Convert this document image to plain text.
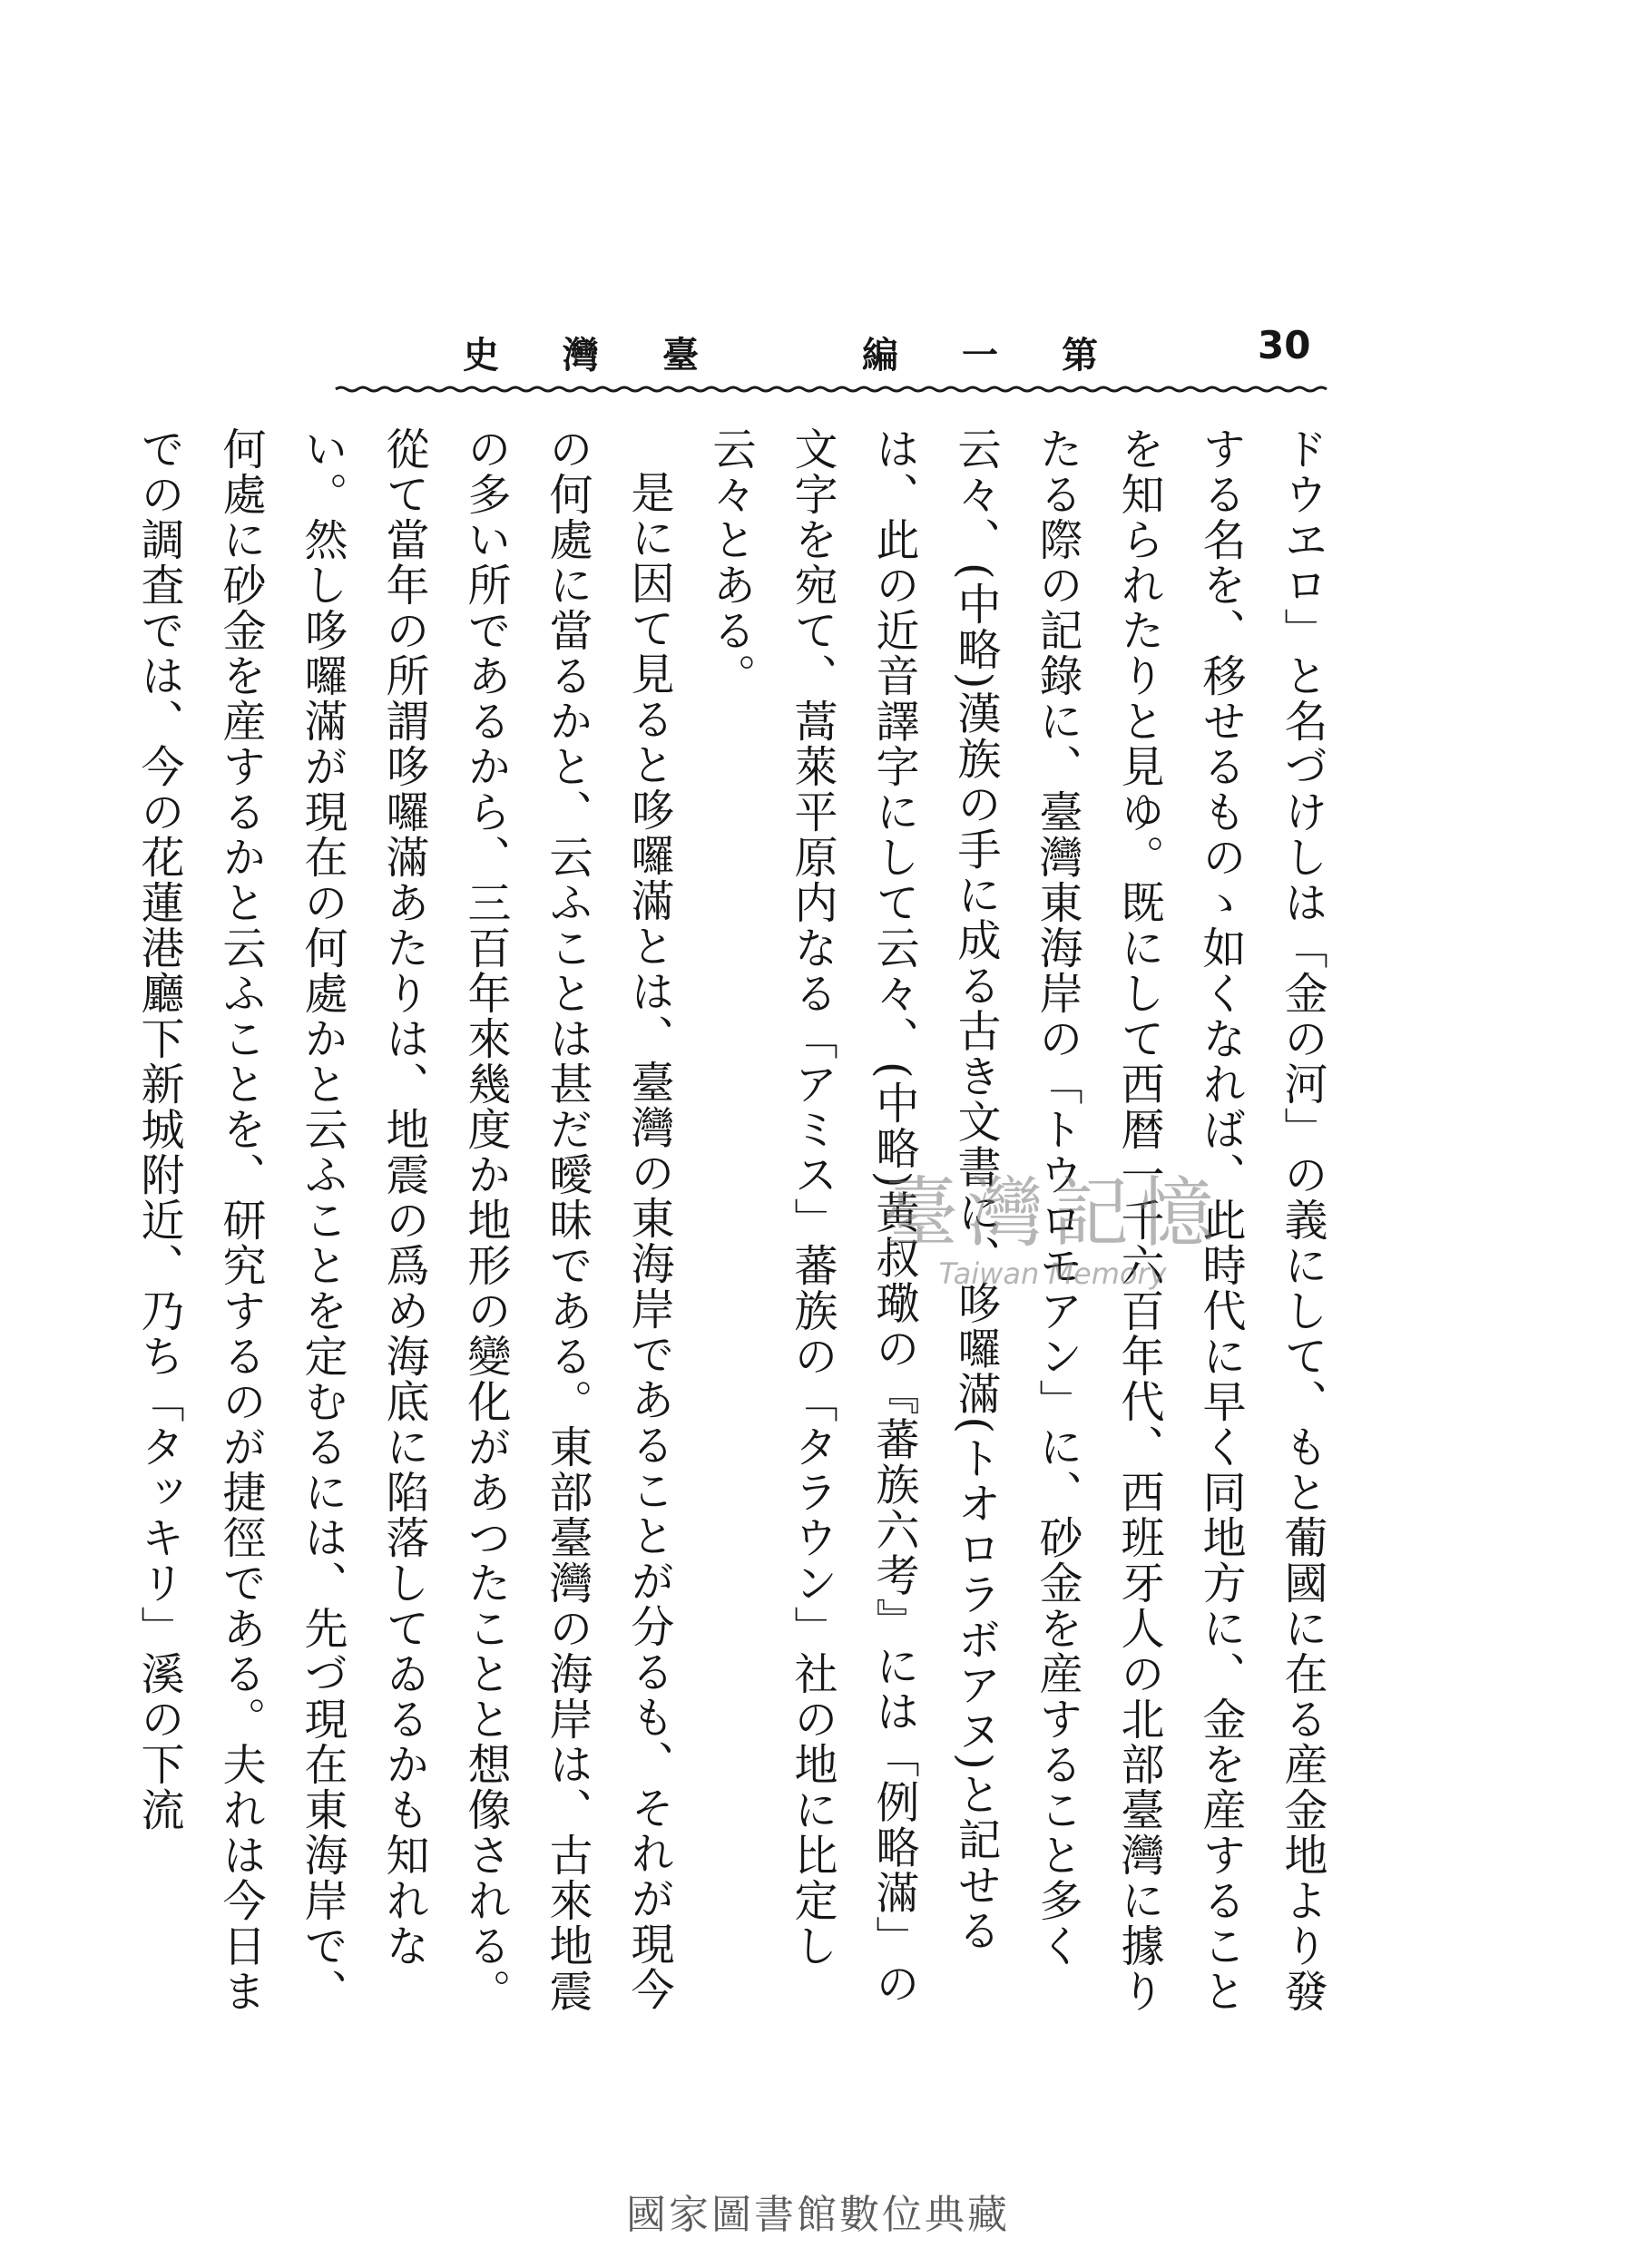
第一編　臺灣史	30

ドウヱロ」と名づけしは「金の河」の義にして、もと葡國に在る産金地より發する名を、移せるものゝ如くなれば、此時代に早く同地方に、金を産することを知られたりと見ゆ。既にして西暦一千六百年代、西班牙人の北部臺灣に據りたる際の記錄に、臺灣東海岸の「トウロモアン」に、砂金を産すること多く云々、(中略)漢族の手に成る古き文書に、哆囉滿(トオロラボアヌ)と記せるは、此の近音譯字にして云々、(中略)黃叔璥の『蕃族六考』には「例略滿」の文字を宛て、蒿萊平原内なる「アミス」蕃族の「タラウン」社の地に比定し云々とある。

是に因て見ると哆囉滿とは、臺灣の東海岸であることが分るも、それが現今の何處に當るかと、云ふことは甚だ曖昧である。東部臺灣の海岸は、古來地震の多い所であるから、三百年來幾度か地形の變化があつたことと想像される。從て當年の所謂哆囉滿あたりは、地震の爲め海底に陷落してゐるかも知れない。然し哆囉滿が現在の何處かと云ふことを定むるには、先づ現在東海岸で、何處に砂金を産するかと云ふことを、研究するのが捷徑である。夫れは今日までの調査では、今の花蓮港廳下新城附近、乃ち「タッキリ」溪の下流	臺灣記憶
Taiwan Memory
國家圖書館數位典藏
